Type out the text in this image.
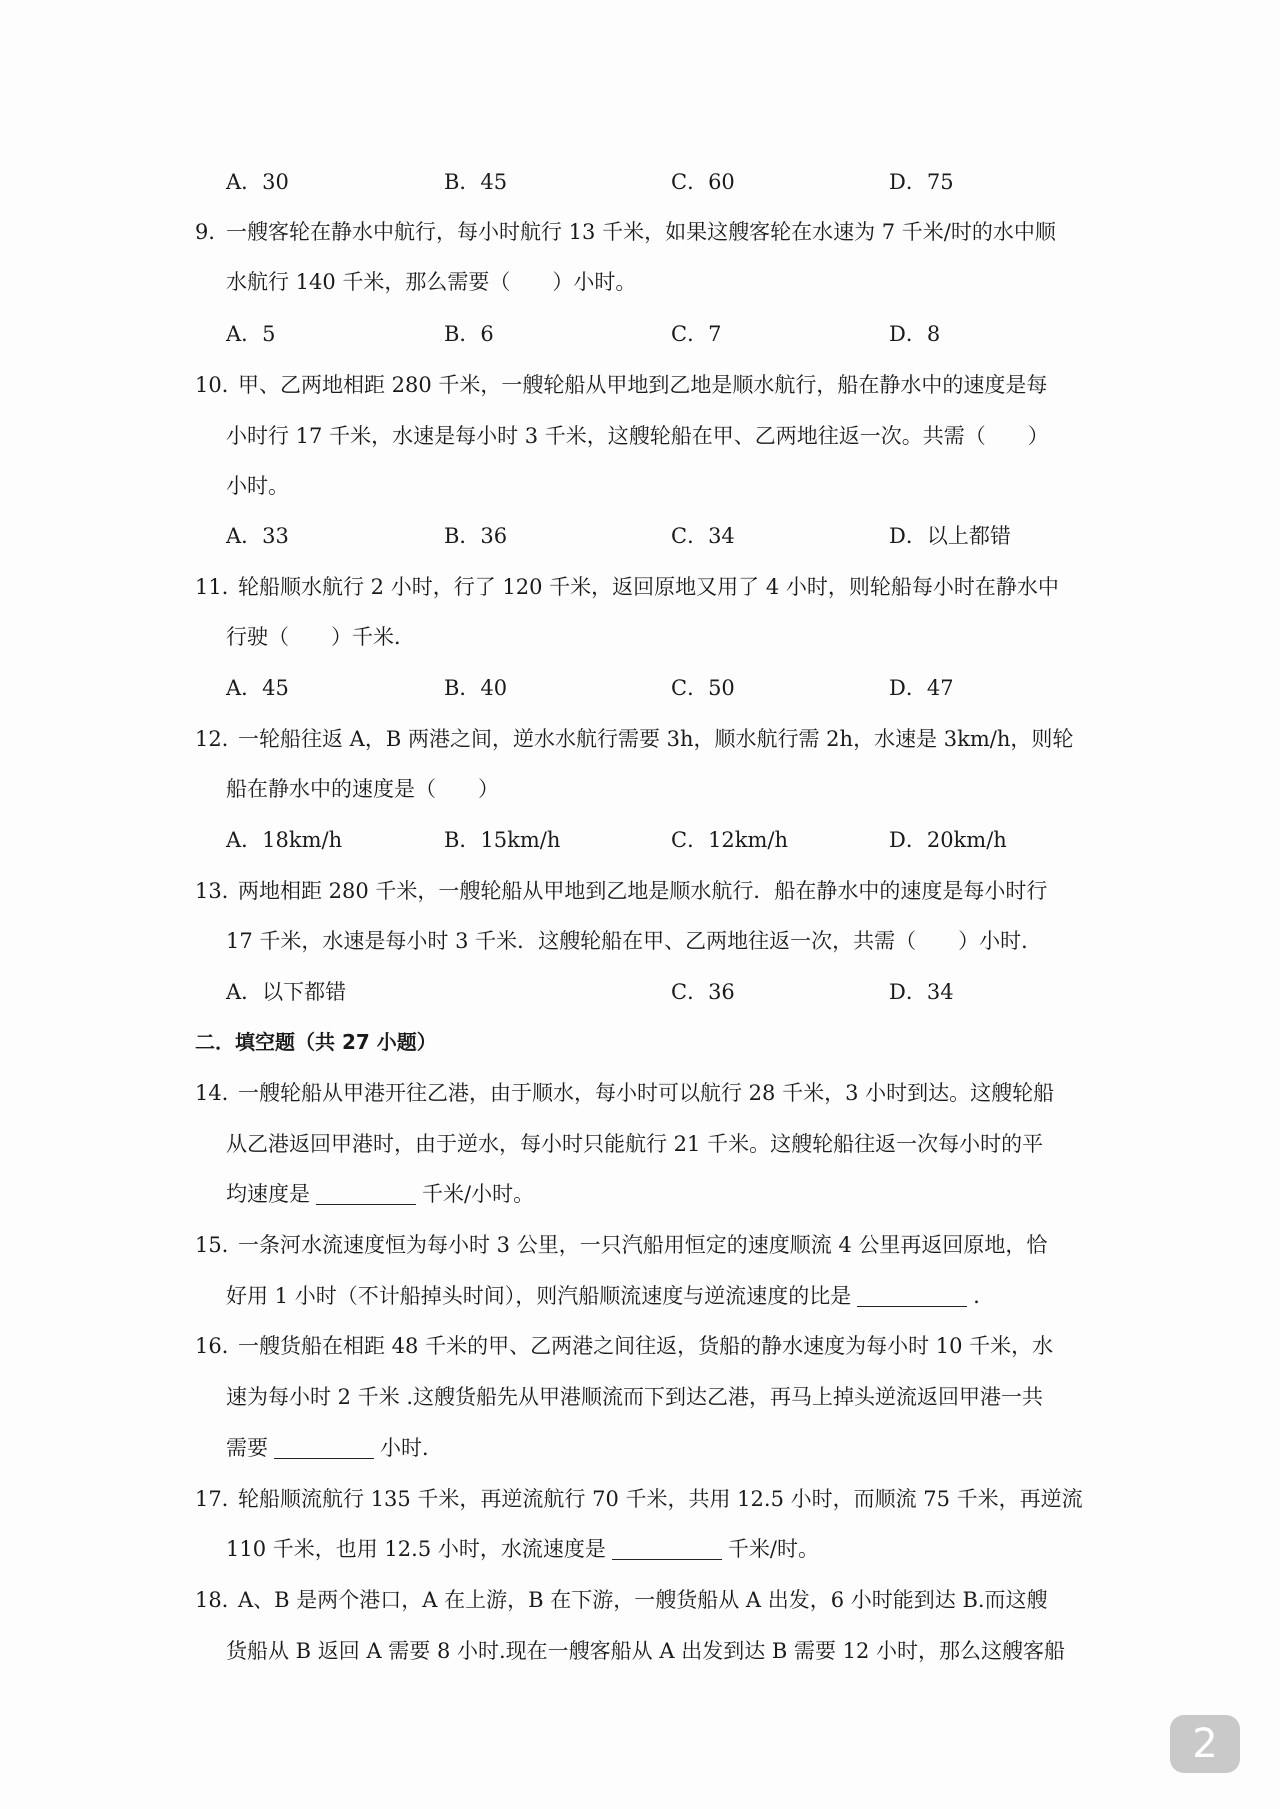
A．30	B．45	C．60	D．75
9．
一艘客轮在静水中航行，每小时航行 13 千米，如果这艘客轮在水速为 7 千米/时的水中顺
水航行 140 千米，那么需要（　　）小时。
A．5	B．6	C．7	D．8
10．
甲、乙两地相距 280 千米，一艘轮船从甲地到乙地是顺水航行，船在静水中的速度是每
小时行 17 千米，水速是每小时 3 千米，这艘轮船在甲、乙两地往返一次。共需（　　）
小时。
A．33	B．36	C．34	D．以上都错
11．
轮船顺水航行 2 小时，行了 120 千米，返回原地又用了 4 小时，则轮船每小时在静水中
行驶（　　）千米．
A．45	B．40	C．50	D．47
12．
一轮船往返 A，B 两港之间，逆水水航行需要 3h，顺水航行需 2h，水速是 3km/h，则轮
船在静水中的速度是（　　）
A．18km/h	B．15km/h	C．12km/h	D．20km/h
13．
两地相距 280 千米，一艘轮船从甲地到乙地是顺水航行．船在静水中的速度是每小时行
17 千米，水速是每小时 3 千米．这艘轮船在甲、乙两地往返一次，共需（　　）小时．
A．以下都错	C．36	D．34
二．填空题（共 27 小题）
14．
一艘轮船从甲港开往乙港，由于顺水，每小时可以航行 28 千米，3 小时到达。这艘轮船
从乙港返回甲港时，由于逆水，每小时只能航行 21 千米。这艘轮船往返一次每小时的平
均速度是	千米/小时。
15．
一条河水流速度恒为每小时 3 公里，一只汽船用恒定的速度顺流 4 公里再返回原地，恰
好用 1 小时（不计船掉头时间），则汽船顺流速度与逆流速度的比是	．
16．
一艘货船在相距 48 千米的甲、乙两港之间往返，货船的静水速度为每小时 10 千米，水
速为每小时 2 千米 .这艘货船先从甲港顺流而下到达乙港，再马上掉头逆流返回甲港一共
需要	小时．
17．
轮船顺流航行 135 千米，再逆流航行 70 千米，共用 12.5 小时，而顺流 75 千米，再逆流
110 千米，也用 12.5 小时，水流速度是	千米/时。
18．
A、B 是两个港口，A 在上游，B 在下游，一艘货船从 A 出发，6 小时能到达 B.而这艘
货船从 B 返回 A 需要 8 小时.现在一艘客船从 A 出发到达 B 需要 12 小时，那么这艘客船
2
